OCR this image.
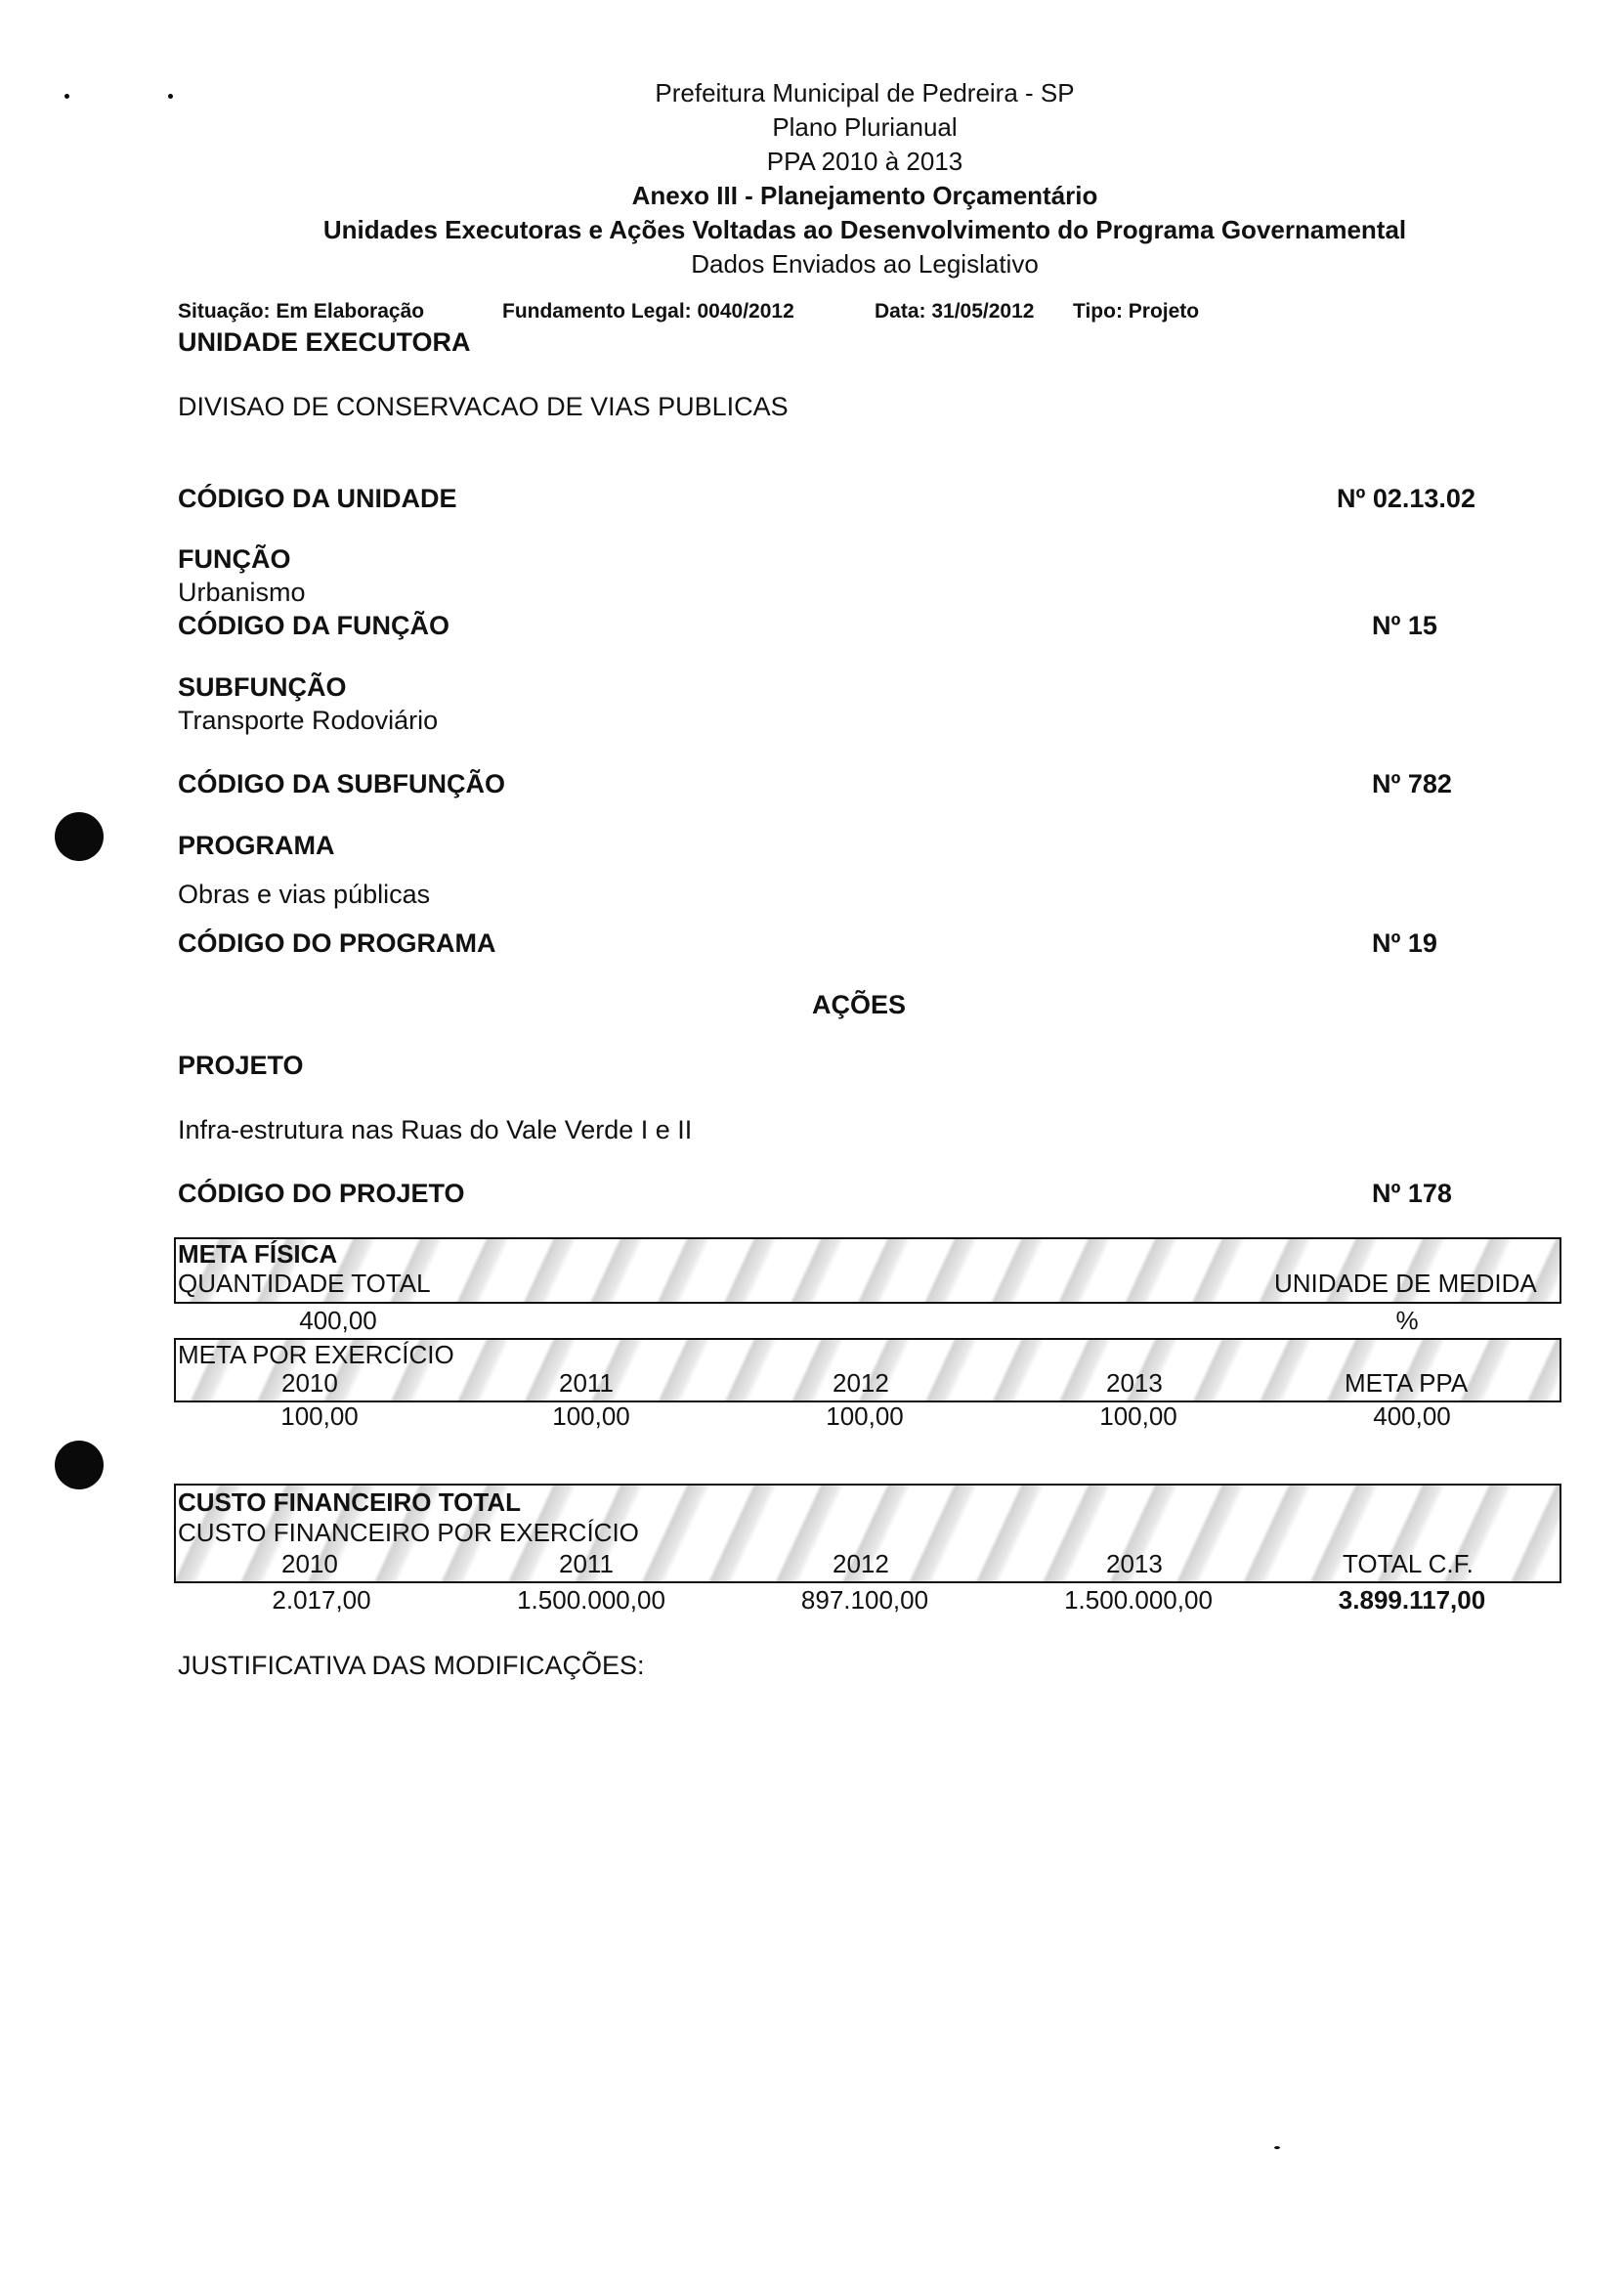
Prefeitura Municipal de Pedreira - SP
Plano Plurianual
PPA 2010 à 2013
Anexo III - Planejamento Orçamentário
Unidades Executoras e Ações Voltadas ao Desenvolvimento do Programa Governamental
Dados Enviados ao Legislativo
Situação: Em Elaboração	Fundamento Legal: 0040/2012	Data: 31/05/2012 Tipo: Projeto
UNIDADE EXECUTORA
DIVISAO DE CONSERVACAO DE VIAS PUBLICAS
CÓDIGO DA UNIDADE	Nº 02.13.02
FUNÇÃO
Urbanismo
CÓDIGO DA FUNÇÃO	Nº 15
SUBFUNÇÃO
Transporte Rodoviário
CÓDIGO DA SUBFUNÇÃO	Nº 782
PROGRAMA
Obras e vias públicas
CÓDIGO DO PROGRAMA	Nº 19
AÇÕES
PROJETO
Infra-estrutura nas Ruas do Vale Verde I e II
CÓDIGO DO PROJETO	Nº 178
META FÍSICA
QUANTIDADE TOTAL	UNIDADE DE MEDIDA
400,00	%
META POR EXERCÍCIO
2010	2011	2012	2013	META PPA
100,00	100,00	100,00	100,00	400,00
CUSTO FINANCEIRO TOTAL
CUSTO FINANCEIRO POR EXERCÍCIO
2010	2011	2012	2013	TOTAL C.F.
2.017,00	1.500.000,00	897.100,00	1.500.000,00	3.899.117,00
JUSTIFICATIVA DAS MODIFICAÇÕES:
